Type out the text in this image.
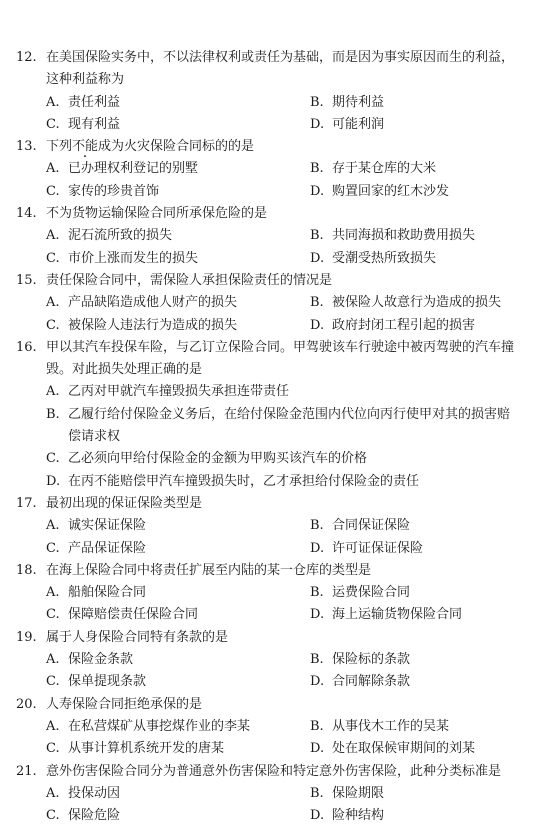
12. 在美国保险实务中，不以法律权利或责任为基础，而是因为事实原因而生的利益，
这种利益称为
A. 责任利益	B. 期待利益
C. 现有利益	D. 可能利润
13. 下列不能成为火灾保险合同标的的是
A. 已办理权利登记的别墅	B. 存于某仓库的大米
C. 家传的珍贵首饰	D. 购置回家的红木沙发
14. 不为货物运输保险合同所承保危险的是
A. 泥石流所致的损失	B. 共同海损和救助费用损失
C. 市价上涨而发生的损失	D. 受潮受热所致损失
15. 责任保险合同中，需保险人承担保险责任的情况是
A. 产品缺陷造成他人财产的损失	B. 被保险人故意行为造成的损失
C. 被保险人违法行为造成的损失	D. 政府封闭工程引起的损害
16. 甲以其汽车投保车险，与乙订立保险合同。甲驾驶该车行驶途中被丙驾驶的汽车撞
毁。对此损失处理正确的是
A. 乙丙对甲就汽车撞毁损失承担连带责任
B. 乙履行给付保险金义务后，在给付保险金范围内代位向丙行使甲对其的损害赔
偿请求权
C. 乙必须向甲给付保险金的金额为甲购买该汽车的价格
D. 在丙不能赔偿甲汽车撞毁损失时，乙才承担给付保险金的责任
17. 最初出现的保证保险类型是
A. 诚实保证保险	B. 合同保证保险
C. 产品保证保险	D. 许可证保证保险
18. 在海上保险合同中将责任扩展至内陆的某一仓库的类型是
A. 船舶保险合同	B. 运费保险合同
C. 保障赔偿责任保险合同	D. 海上运输货物保险合同
19. 属于人身保险合同特有条款的是
A. 保险金条款	B. 保险标的条款
C. 保单提现条款	D. 合同解除条款
20. 人寿保险合同拒绝承保的是
A. 在私营煤矿从事挖煤作业的李某	B. 从事伐木工作的吴某
C. 从事计算机系统开发的唐某	D. 处在取保候审期间的刘某
21. 意外伤害保险合同分为普通意外伤害保险和特定意外伤害保险，此种分类标准是
A. 投保动因	B. 保险期限
C. 保险危险	D. 险种结构
